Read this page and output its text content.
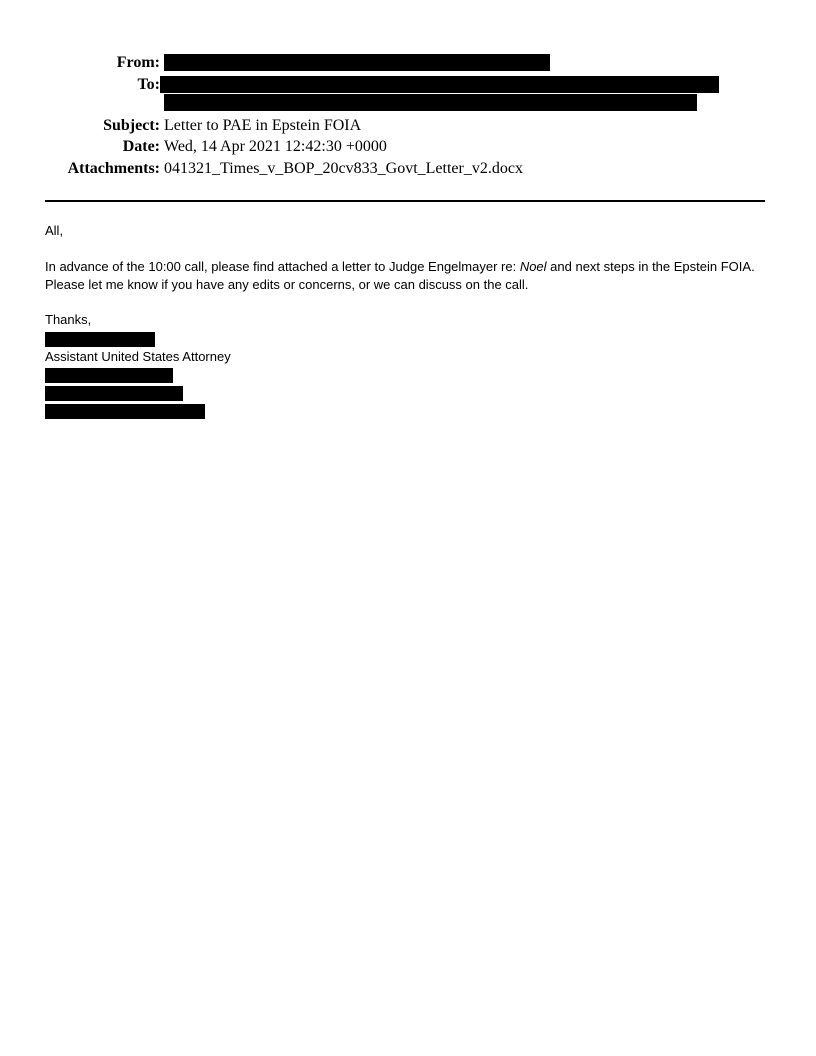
From:
To:
Subject: Letter to PAE in Epstein FOIA
Date: Wed, 14 Apr 2021 12:42:30 +0000
Attachments: 041321_Times_v_BOP_20cv833_Govt_Letter_v2.docx
All,
In advance of the 10:00 call, please find attached a letter to Judge Engelmayer re: Noel and next steps in the Epstein FOIA.
Please let me know if you have any edits or concerns, or we can discuss on the call.
Thanks,
Assistant United States Attorney
